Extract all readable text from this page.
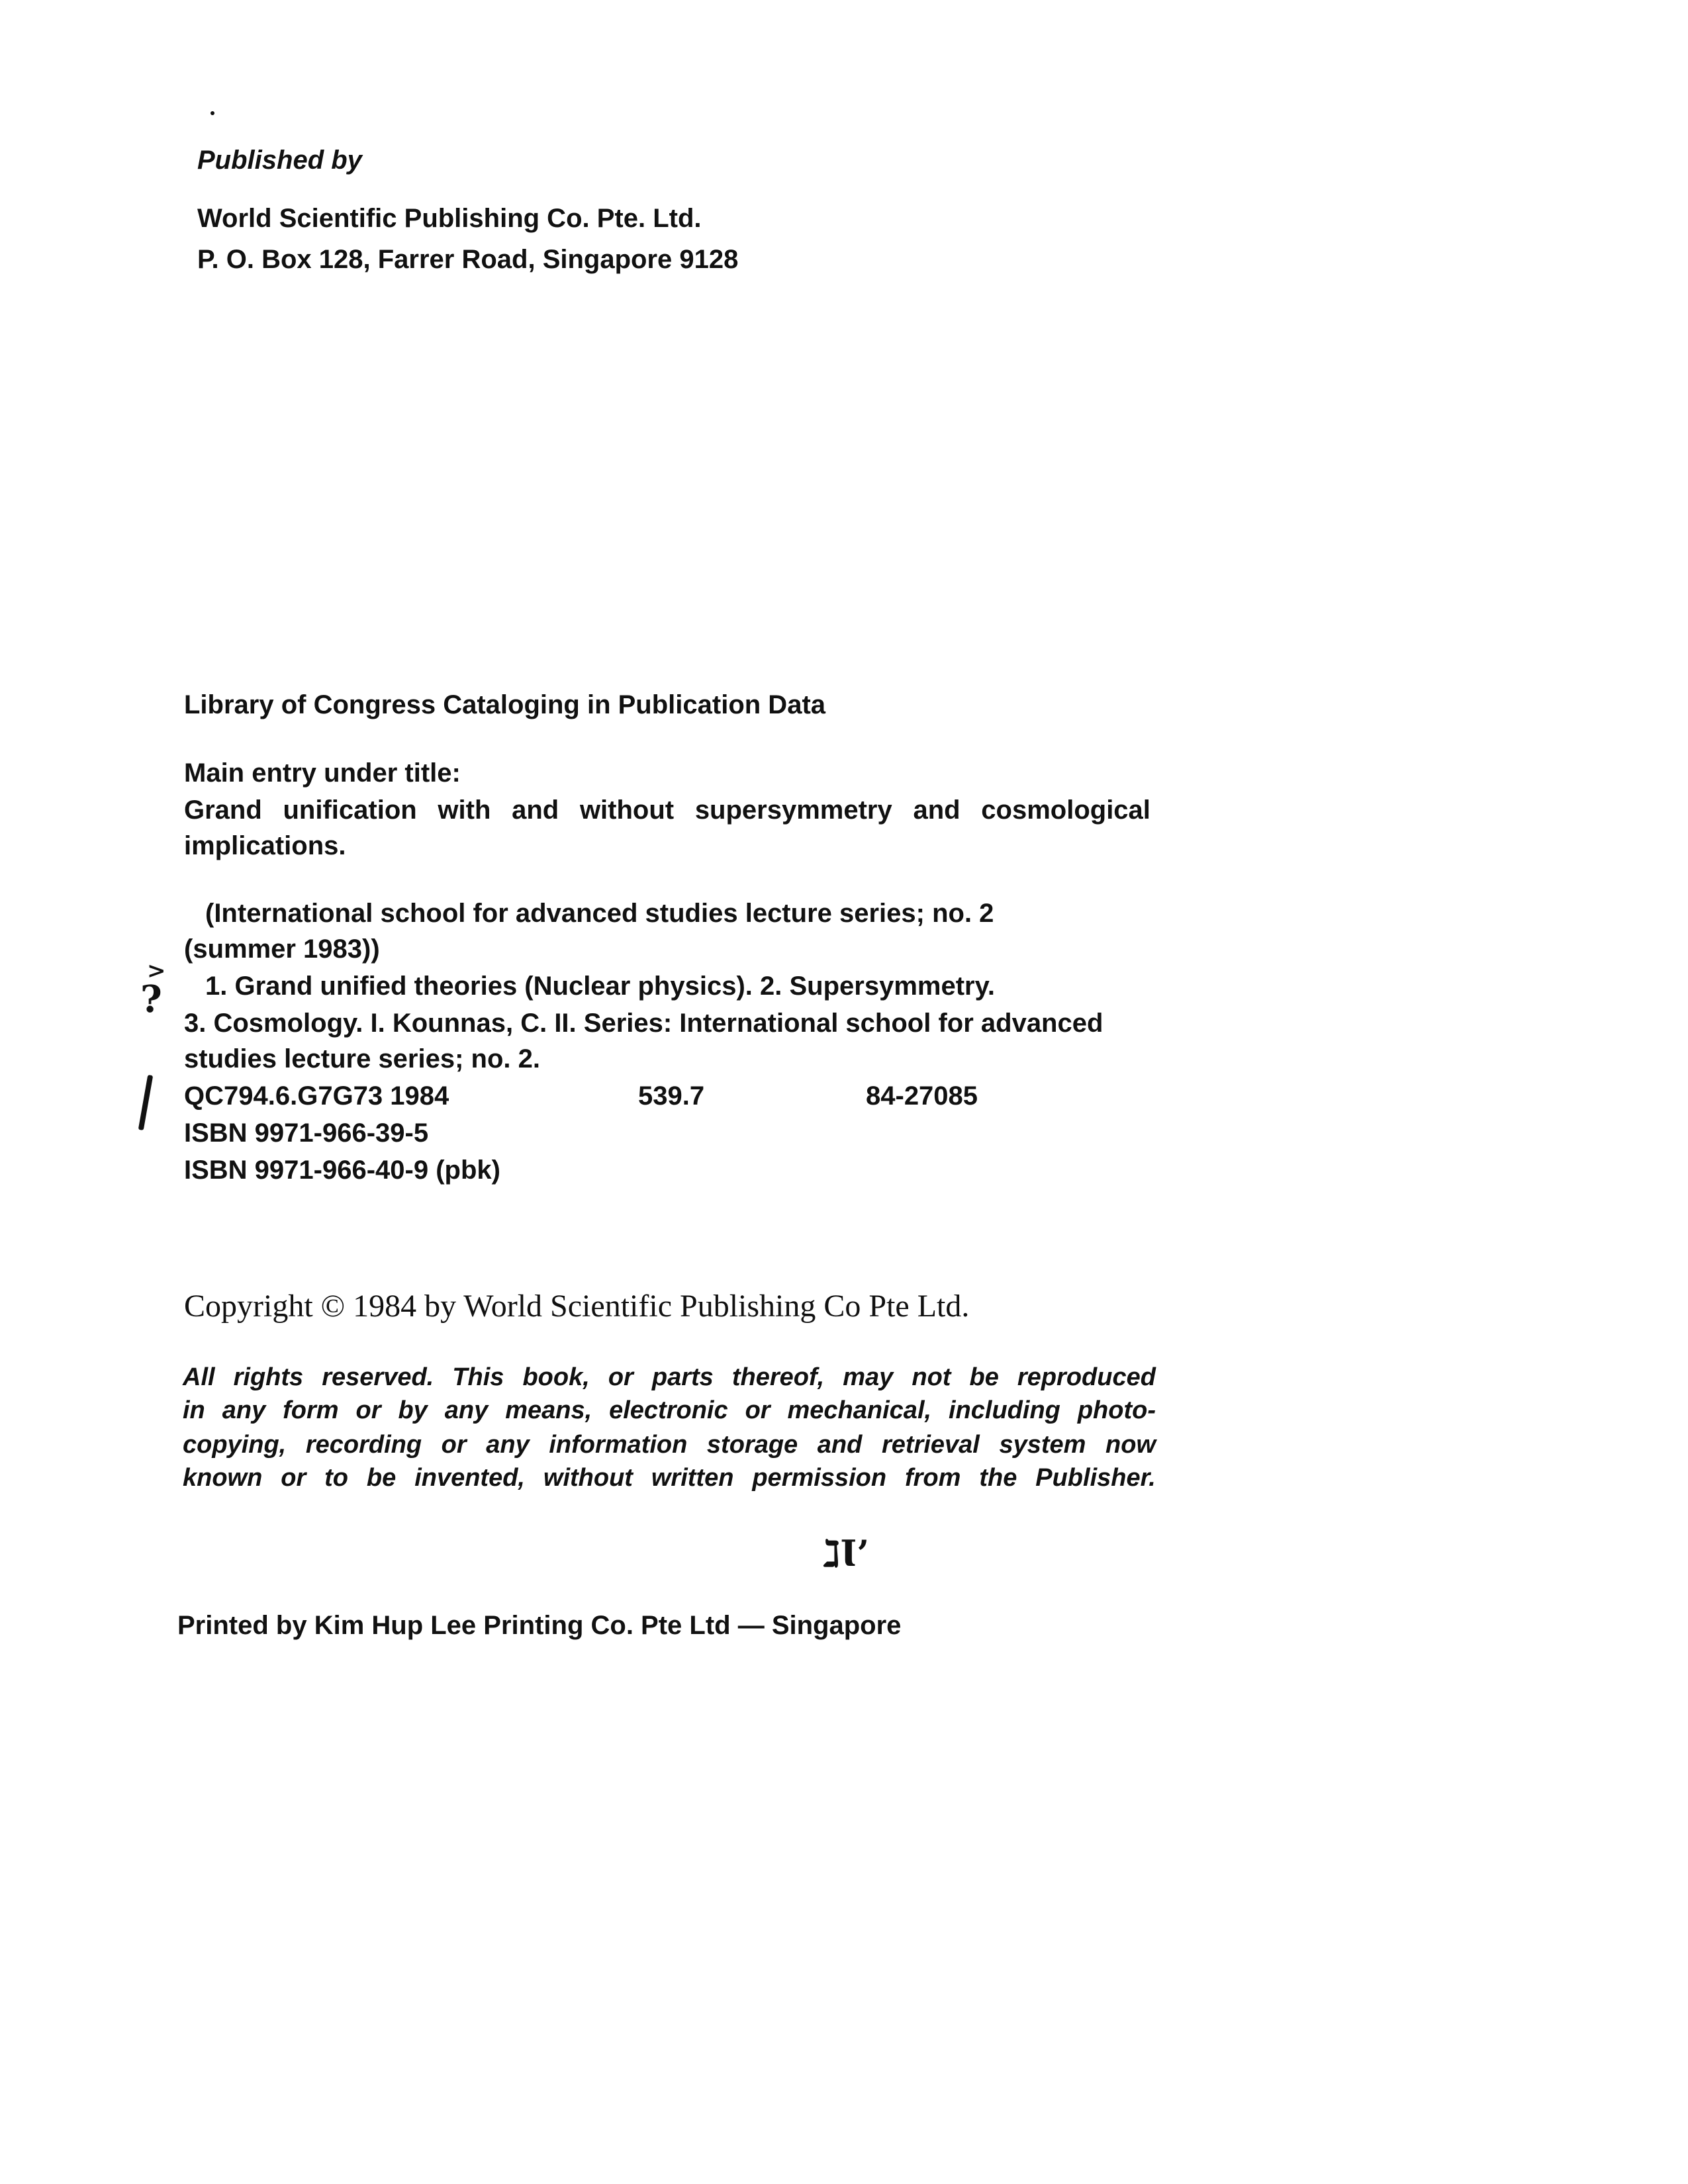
Published by
World Scientific Publishing Co. Pte. Ltd.
P. O. Box 128, Farrer Road, Singapore 9128
Library of Congress Cataloging in Publication Data
Main entry under title:
Grand unification with and without supersymmetry and cosmological
implications.
(International school for advanced studies lecture series; no. 2
(summer 1983))
>
? 1. Grand unified theories (Nuclear physics). 2. Supersymmetry.
3. Cosmology. I. Kounnas, C. II. Series: International school for advanced
studies lecture series; no. 2.
QC794.6.G7G73 1984	539.7	84-27085
ISBN 9971-966-39-5
ISBN 9971-966-40-9 (pbk)
Copyright © 1984 by World Scientific Publishing Co Pte Ltd.
All rights reserved. This book, or parts thereof, may not be reproduced
in any form or by any means, electronic or mechanical, including photo-
copying, recording or any information storage and retrieval system now
known or to be invented, without written permission from the Publisher.
ℷƖ’
Printed by Kim Hup Lee Printing Co. Pte Ltd — Singapore
